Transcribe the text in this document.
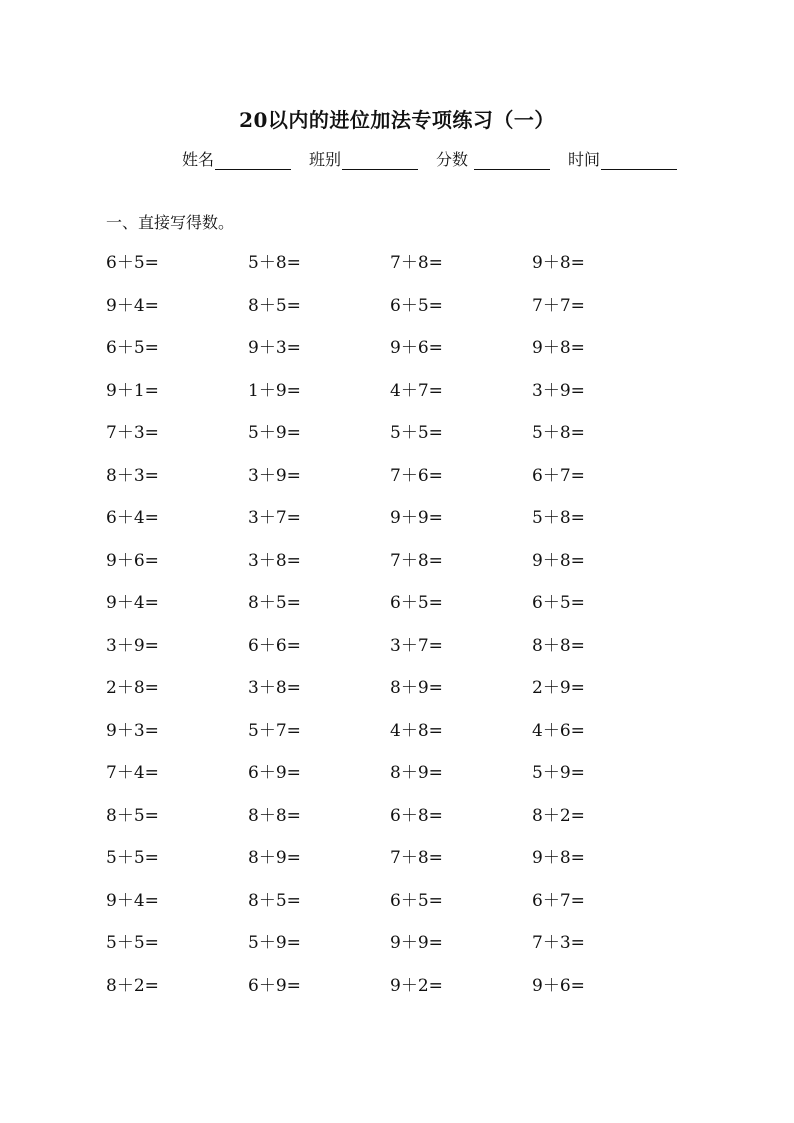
20以内的进位加法专项练习（一）
姓名	班别	分数	时间
一、直接写得数。
6＋5=	5＋8=	7＋8=	9＋8=
9＋4=	8＋5=	6＋5=	7＋7=
6＋5=	9＋3=	9＋6=	9＋8=
9＋1=	1＋9=	4＋7=	3＋9=
7＋3=	5＋9=	5＋5=	5＋8=
8＋3=	3＋9=	7＋6=	6＋7=
6＋4=	3＋7=	9＋9=	5＋8=
9＋6=	3＋8=	7＋8=	9＋8=
9＋4=	8＋5=	6＋5=	6＋5=
3＋9=	6＋6=	3＋7=	8＋8=
2＋8=	3＋8=	8＋9=	2＋9=
9＋3=	5＋7=	4＋8=	4＋6=
7＋4=	6＋9=	8＋9=	5＋9=
8＋5=	8＋8=	6＋8=	8＋2=
5＋5=	8＋9=	7＋8=	9＋8=
9＋4=	8＋5=	6＋5=	6＋7=
5＋5=	5＋9=	9＋9=	7＋3=
8＋2=	6＋9=	9＋2=	9＋6=
